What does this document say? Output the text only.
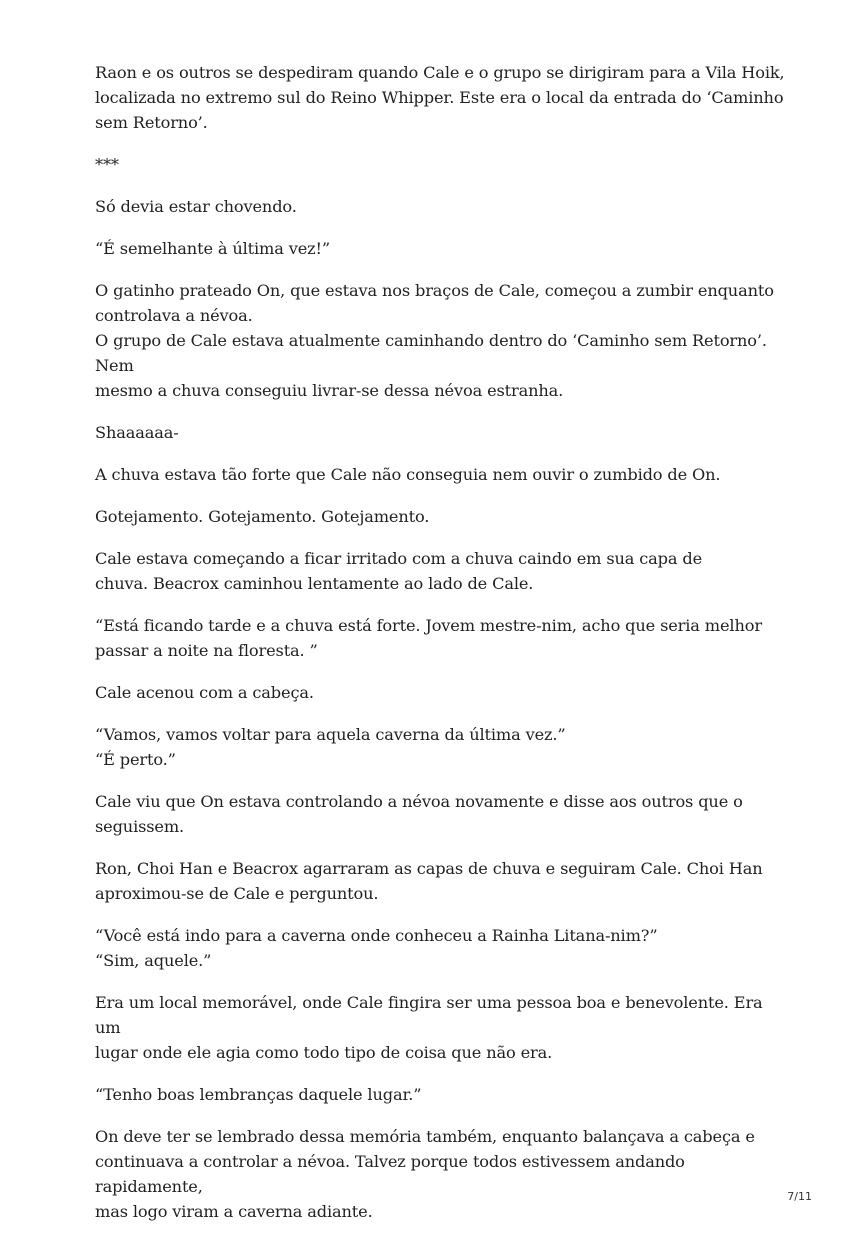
Raon e os outros se despediram quando Cale e o grupo se dirigiram para a Vila Hoik,
localizada no extremo sul do Reino Whipper. Este era o local da entrada do ‘Caminho
sem Retorno’.

***

Só devia estar chovendo.

“É semelhante à última vez!”

O gatinho prateado On, que estava nos braços de Cale, começou a zumbir enquanto
controlava a névoa.
O grupo de Cale estava atualmente caminhando dentro do ‘Caminho sem Retorno’. Nem
mesmo a chuva conseguiu livrar-se dessa névoa estranha.

Shaaaaaa-

A chuva estava tão forte que Cale não conseguia nem ouvir o zumbido de On.

Gotejamento. Gotejamento. Gotejamento.

Cale estava começando a ficar irritado com a chuva caindo em sua capa de
chuva. Beacrox caminhou lentamente ao lado de Cale.

“Está ficando tarde e a chuva está forte. Jovem mestre-nim, acho que seria melhor
passar a noite na floresta. ”

Cale acenou com a cabeça.

“Vamos, vamos voltar para aquela caverna da última vez.”
“É perto.”

Cale viu que On estava controlando a névoa novamente e disse aos outros que o
seguissem.

Ron, Choi Han e Beacrox agarraram as capas de chuva e seguiram Cale. Choi Han
aproximou-se de Cale e perguntou.

“Você está indo para a caverna onde conheceu a Rainha Litana-nim?”
“Sim, aquele.”

Era um local memorável, onde Cale fingira ser uma pessoa boa e benevolente. Era um
lugar onde ele agia como todo tipo de coisa que não era.

“Tenho boas lembranças daquele lugar.”

On deve ter se lembrado dessa memória também, enquanto balançava a cabeça e
continuava a controlar a névoa. Talvez porque todos estivessem andando rapidamente,
mas logo viram a caverna adiante.

7/11
